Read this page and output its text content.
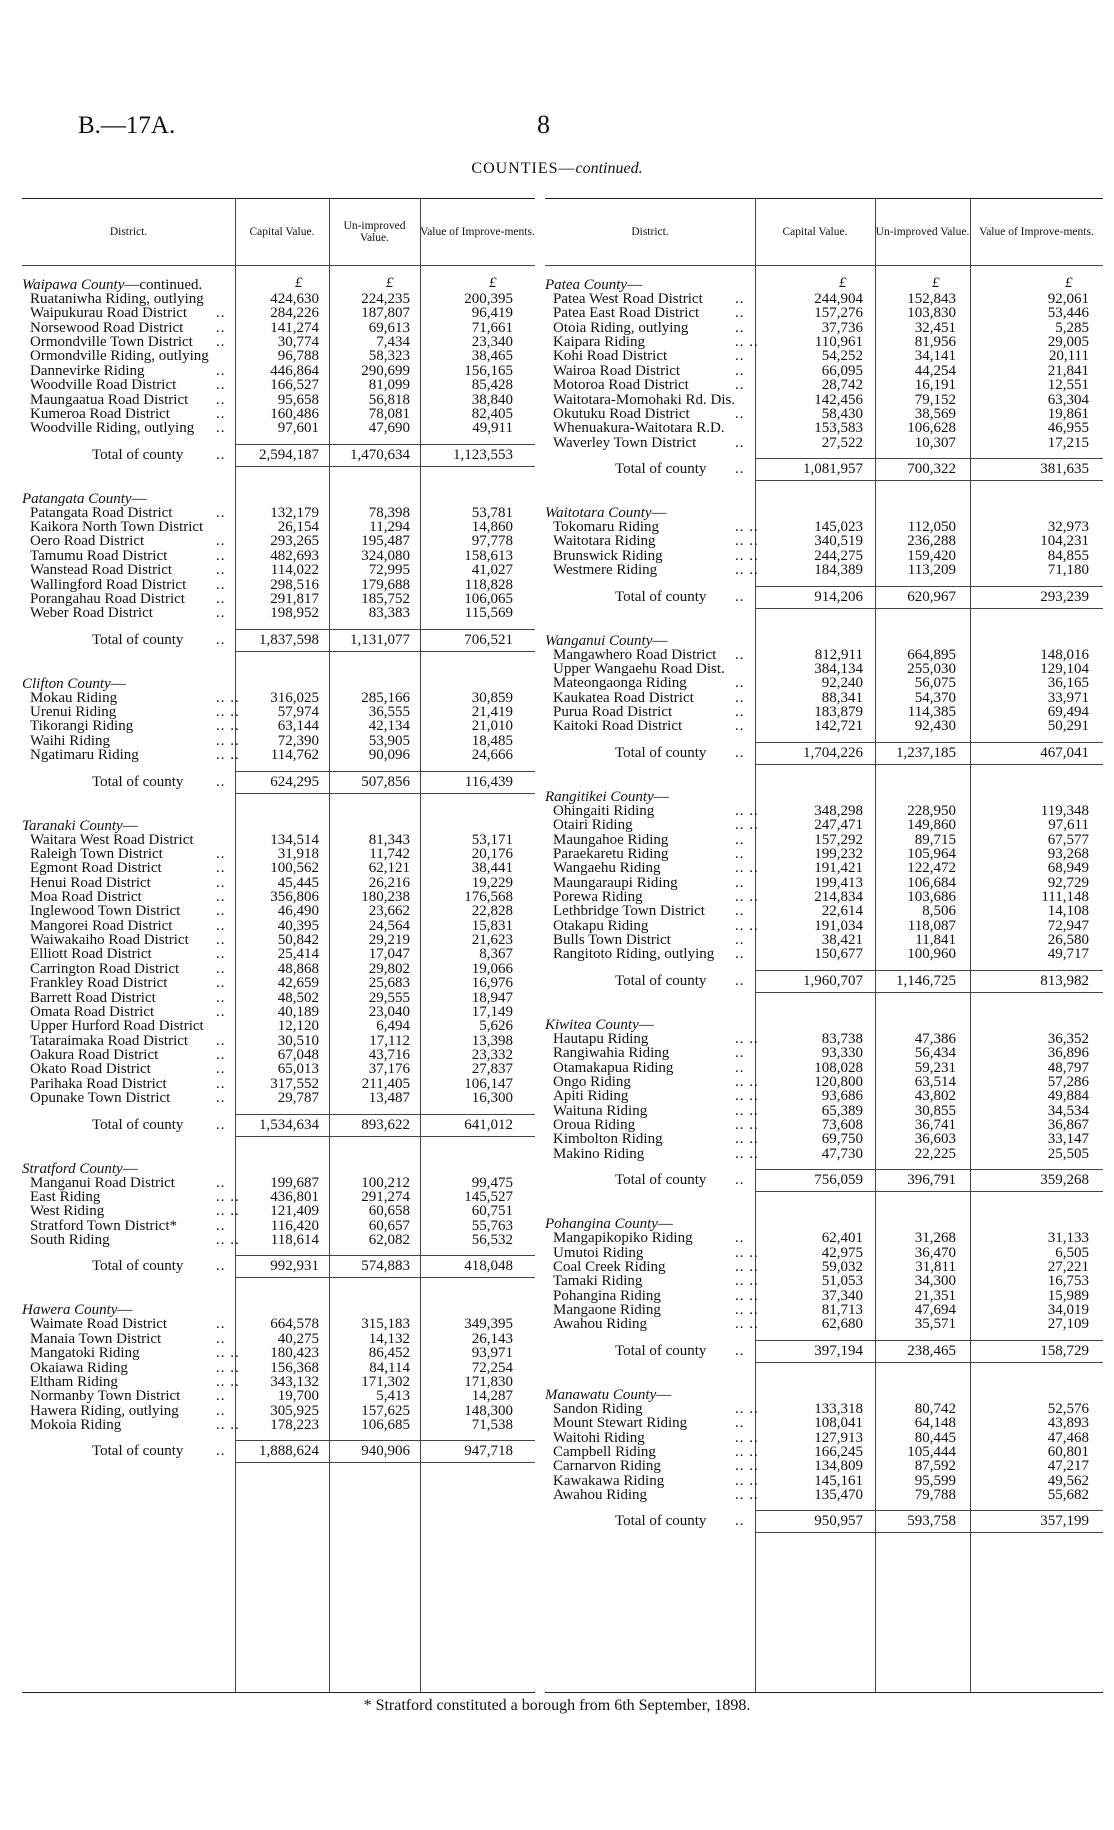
B.—17A.	8
COUNTIES—continued.
District.	Capital Value.	Un-improved Value.	Value of Improve-ments.
Waipawa County—continued.	£	£	£
Ruataniwha Riding, outlying	424,630	224,235	200,395
Waipukurau Road District	..	284,226	187,807	96,419
Norsewood Road District	..	141,274	69,613	71,661
Ormondville Town District	..	30,774	7,434	23,340
Ormondville Riding, outlying	96,788	58,323	38,465
Dannevirke Riding	..	446,864	290,699	156,165
Woodville Road District	..	166,527	81,099	85,428
Maungaatua Road District	..	95,658	56,818	38,840
Kumeroa Road District	..	160,486	78,081	82,405
Woodville Riding, outlying	..	97,601	47,690	49,911
Total of county ..	2,594,187	1,470,634	1,123,553
Patangata County—
Patangata Road District	..	132,179	78,398	53,781
Kaikora North Town District	26,154	11,294	14,860
Oero Road District	..	293,265	195,487	97,778
Tamumu Road District	..	482,693	324,080	158,613
Wanstead Road District	..	114,022	72,995	41,027
Wallingford Road District	..	298,516	179,688	118,828
Porangahau Road District	..	291,817	185,752	106,065
Weber Road District	..	198,952	83,383	115,569
Total of county ..	1,837,598	1,131,077	706,521
Clifton County—
Mokau Riding	.. ..	316,025	285,166	30,859
Urenui Riding	.. ..	57,974	36,555	21,419
Tikorangi Riding	.. ..	63,144	42,134	21,010
Waihi Riding	.. ..	72,390	53,905	18,485
Ngatimaru Riding	.. ..	114,762	90,096	24,666
Total of county ..	624,295	507,856	116,439
Taranaki County—
Waitara West Road District	134,514	81,343	53,171
Raleigh Town District	..	31,918	11,742	20,176
Egmont Road District	..	100,562	62,121	38,441
Henui Road District	..	45,445	26,216	19,229
Moa Road District	..	356,806	180,238	176,568
Inglewood Town District	..	46,490	23,662	22,828
Mangorei Road District	..	40,395	24,564	15,831
Waiwakaiho Road District	..	50,842	29,219	21,623
Elliott Road District	..	25,414	17,047	8,367
Carrington Road District	..	48,868	29,802	19,066
Frankley Road District	..	42,659	25,683	16,976
Barrett Road District	..	48,502	29,555	18,947
Omata Road District	..	40,189	23,040	17,149
Upper Hurford Road District	12,120	6,494	5,626
Tataraimaka Road District	..	30,510	17,112	13,398
Oakura Road District	..	67,048	43,716	23,332
Okato Road District	..	65,013	37,176	27,837
Parihaka Road District	..	317,552	211,405	106,147
Opunake Town District	..	29,787	13,487	16,300
Total of county ..	1,534,634	893,622	641,012
Stratford County—
Manganui Road District	..	199,687	100,212	99,475
East Riding	.. ..	436,801	291,274	145,527
West Riding	.. ..	121,409	60,658	60,751
Stratford Town District*	..	116,420	60,657	55,763
South Riding	.. ..	118,614	62,082	56,532
Total of county ..	992,931	574,883	418,048
Hawera County—
Waimate Road District	..	664,578	315,183	349,395
Manaia Town District	..	40,275	14,132	26,143
Mangatoki Riding	.. ..	180,423	86,452	93,971
Okaiawa Riding	.. ..	156,368	84,114	72,254
Eltham Riding	.. ..	343,132	171,302	171,830
Normanby Town District	..	19,700	5,413	14,287
Hawera Riding, outlying	..	305,925	157,625	148,300
Mokoia Riding	.. ..	178,223	106,685	71,538
Total of county ..	1,888,624	940,906	947,718
District.	Capital Value.	Un-improved Value. Value of Improve-ments.
Patea County—	£	£	£
Patea West Road District	..	244,904	152,843	92,061
Patea East Road District	..	157,276	103,830	53,446
Otoia Riding, outlying	..	37,736	32,451	5,285
Kaipara Riding	.. ..	110,961	81,956	29,005
Kohi Road District	..	54,252	34,141	20,111
Wairoa Road District	..	66,095	44,254	21,841
Motoroa Road District	..	28,742	16,191	12,551
Waitotara-Momohaki Rd. Dis.	142,456	79,152	63,304
Okutuku Road District	..	58,430	38,569	19,861
Whenuakura-Waitotara R.D.	153,583	106,628	46,955
Waverley Town District	..	27,522	10,307	17,215
Total of county ..	1,081,957	700,322	381,635
Waitotara County—
Tokomaru Riding	.. ..	145,023	112,050	32,973
Waitotara Riding	.. ..	340,519	236,288	104,231
Brunswick Riding	.. ..	244,275	159,420	84,855
Westmere Riding	.. ..	184,389	113,209	71,180
Total of county ..	914,206	620,967	293,239
Wanganui County—
Mangawhero Road District	..	812,911	664,895	148,016
Upper Wangaehu Road Dist.	384,134	255,030	129,104
Mateongaonga Riding	..	92,240	56,075	36,165
Kaukatea Road District	..	88,341	54,370	33,971
Purua Road District	..	183,879	114,385	69,494
Kaitoki Road District	..	142,721	92,430	50,291
Total of county ..	1,704,226	1,237,185	467,041
Rangitikei County—
Ohingaiti Riding	.. ..	348,298	228,950	119,348
Otairi Riding	.. ..	247,471	149,860	97,611
Maungahoe Riding	..	157,292	89,715	67,577
Paraekaretu Riding	..	199,232	105,964	93,268
Wangaehu Riding	.. ..	191,421	122,472	68,949
Maungaraupi Riding	..	199,413	106,684	92,729
Porewa Riding	.. ..	214,834	103,686	111,148
Lethbridge Town District	..	22,614	8,506	14,108
Otakapu Riding	.. ..	191,034	118,087	72,947
Bulls Town District	..	38,421	11,841	26,580
Rangitoto Riding, outlying	..	150,677	100,960	49,717
Total of county ..	1,960,707	1,146,725	813,982
Kiwitea County—
Hautapu Riding	.. ..	83,738	47,386	36,352
Rangiwahia Riding	..	93,330	56,434	36,896
Otamakapua Riding	..	108,028	59,231	48,797
Ongo Riding	.. ..	120,800	63,514	57,286
Apiti Riding	.. ..	93,686	43,802	49,884
Waituna Riding	.. ..	65,389	30,855	34,534
Oroua Riding	.. ..	73,608	36,741	36,867
Kimbolton Riding	.. ..	69,750	36,603	33,147
Makino Riding	.. ..	47,730	22,225	25,505
Total of county ..	756,059	396,791	359,268
Pohangina County—
Mangapikopiko Riding	..	62,401	31,268	31,133
Umutoi Riding	.. ..	42,975	36,470	6,505
Coal Creek Riding	.. ..	59,032	31,811	27,221
Tamaki Riding	.. ..	51,053	34,300	16,753
Pohangina Riding	.. ..	37,340	21,351	15,989
Mangaone Riding	.. ..	81,713	47,694	34,019
Awahou Riding	.. ..	62,680	35,571	27,109
Total of county ..	397,194	238,465	158,729
Manawatu County—
Sandon Riding	.. ..	133,318	80,742	52,576
Mount Stewart Riding	..	108,041	64,148	43,893
Waitohi Riding	.. ..	127,913	80,445	47,468
Campbell Riding	.. ..	166,245	105,444	60,801
Carnarvon Riding	.. ..	134,809	87,592	47,217
Kawakawa Riding	.. ..	145,161	95,599	49,562
Awahou Riding	.. ..	135,470	79,788	55,682
Total of county ..	950,957	593,758	357,199
* Stratford constituted a borough from 6th September, 1898.
